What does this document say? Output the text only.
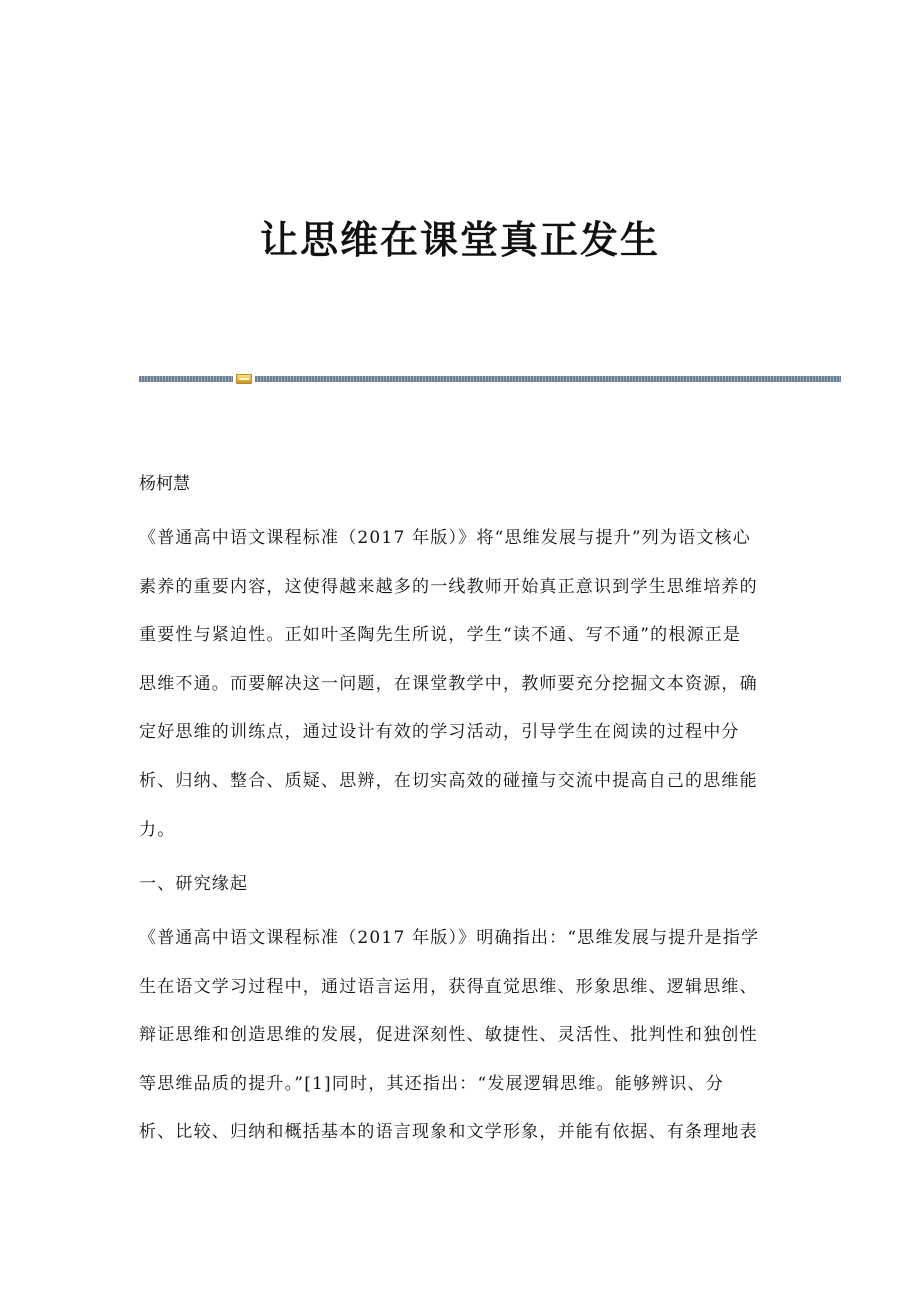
让思维在课堂真正发生

杨柯慧

《普通高中语文课程标准（2017 年版）》将“思维发展与提升”列为语文核心
素养的重要内容，这使得越来越多的一线教师开始真正意识到学生思维培养的
重要性与紧迫性。正如叶圣陶先生所说，学生“读不通、写不通”的根源正是
思维不通。而要解决这一问题，在课堂教学中，教师要充分挖掘文本资源，确
定好思维的训练点，通过设计有效的学习活动，引导学生在阅读的过程中分
析、归纳、整合、质疑、思辨，在切实高效的碰撞与交流中提高自己的思维能
力。

一、研究缘起

《普通高中语文课程标准（2017 年版）》明确指出：“思维发展与提升是指学
生在语文学习过程中，通过语言运用，获得直觉思维、形象思维、逻辑思维、
辩证思维和创造思维的发展，促进深刻性、敏捷性、灵活性、批判性和独创性
等思维品质的提升。”[1]同时，其还指出：“发展逻辑思维。能够辨识、分
析、比较、归纳和概括基本的语言现象和文学形象，并能有依据、有条理地表
